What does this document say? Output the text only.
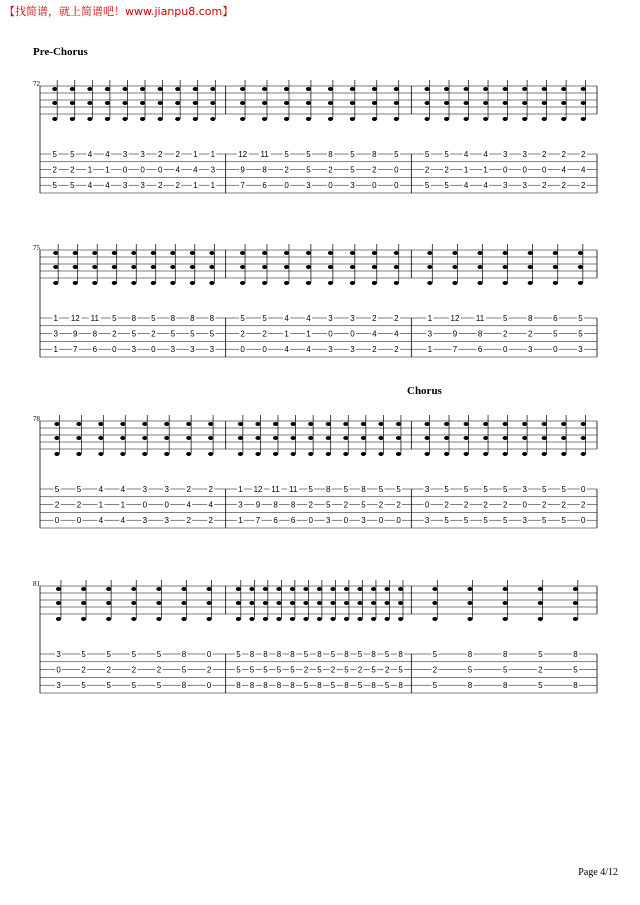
【找简谱，就上简谱吧！www.jianpu8.com】
Pre-Chorus
Chorus
72
75
78
81
5
2
5
5
2
5
4
1
4
4
1
4
3
0
3
3
0
3
2
0
2
2
4
2
1
4
1
1
3
1
12
9
7
11
8
6
5
2
0
5
5
3
8
2
0
5
5
3
8
2
0
5
0
0
5
2
5
5
2
5
4
1
4
4
1
4
3
0
3
3
0
3
2
0
2
2
4
2
2
4
2
1
3
1
12
9
7
11
8
6
5
2
0
8
5
3
5
2
0
8
5
3
8
5
3
8
5
3
5
2
0
5
2
0
4
1
4
4
1
4
3
0
3
3
0
3
2
4
2
2
4
2
1
3
1
12
9
7
11
8
6
5
2
0
8
2
3
6
5
0
5
5
3
5
2
0
5
2
0
4
1
4
4
1
4
3
0
3
3
0
3
2
4
2
2
4
2
1
3
1
12
9
7
11
8
6
11
8
6
5
2
0
8
5
3
5
2
0
8
5
3
5
2
0
5
2
0
3
0
3
5
2
5
5
2
5
5
2
5
5
2
5
3
0
3
5
2
5
5
2
5
0
2
0
3
0
3
5
2
5
5
2
5
5
2
5
5
2
5
8
5
8
0
2
0
5
5
8
8
5
8
8
5
8
8
5
8
8
5
8
5
2
5
8
5
8
5
2
5
8
5
8
5
2
5
8
5
8
5
2
5
8
5
8
5
2
5
8
5
8
8
5
8
5
2
5
8
5
8
Page 4/12
